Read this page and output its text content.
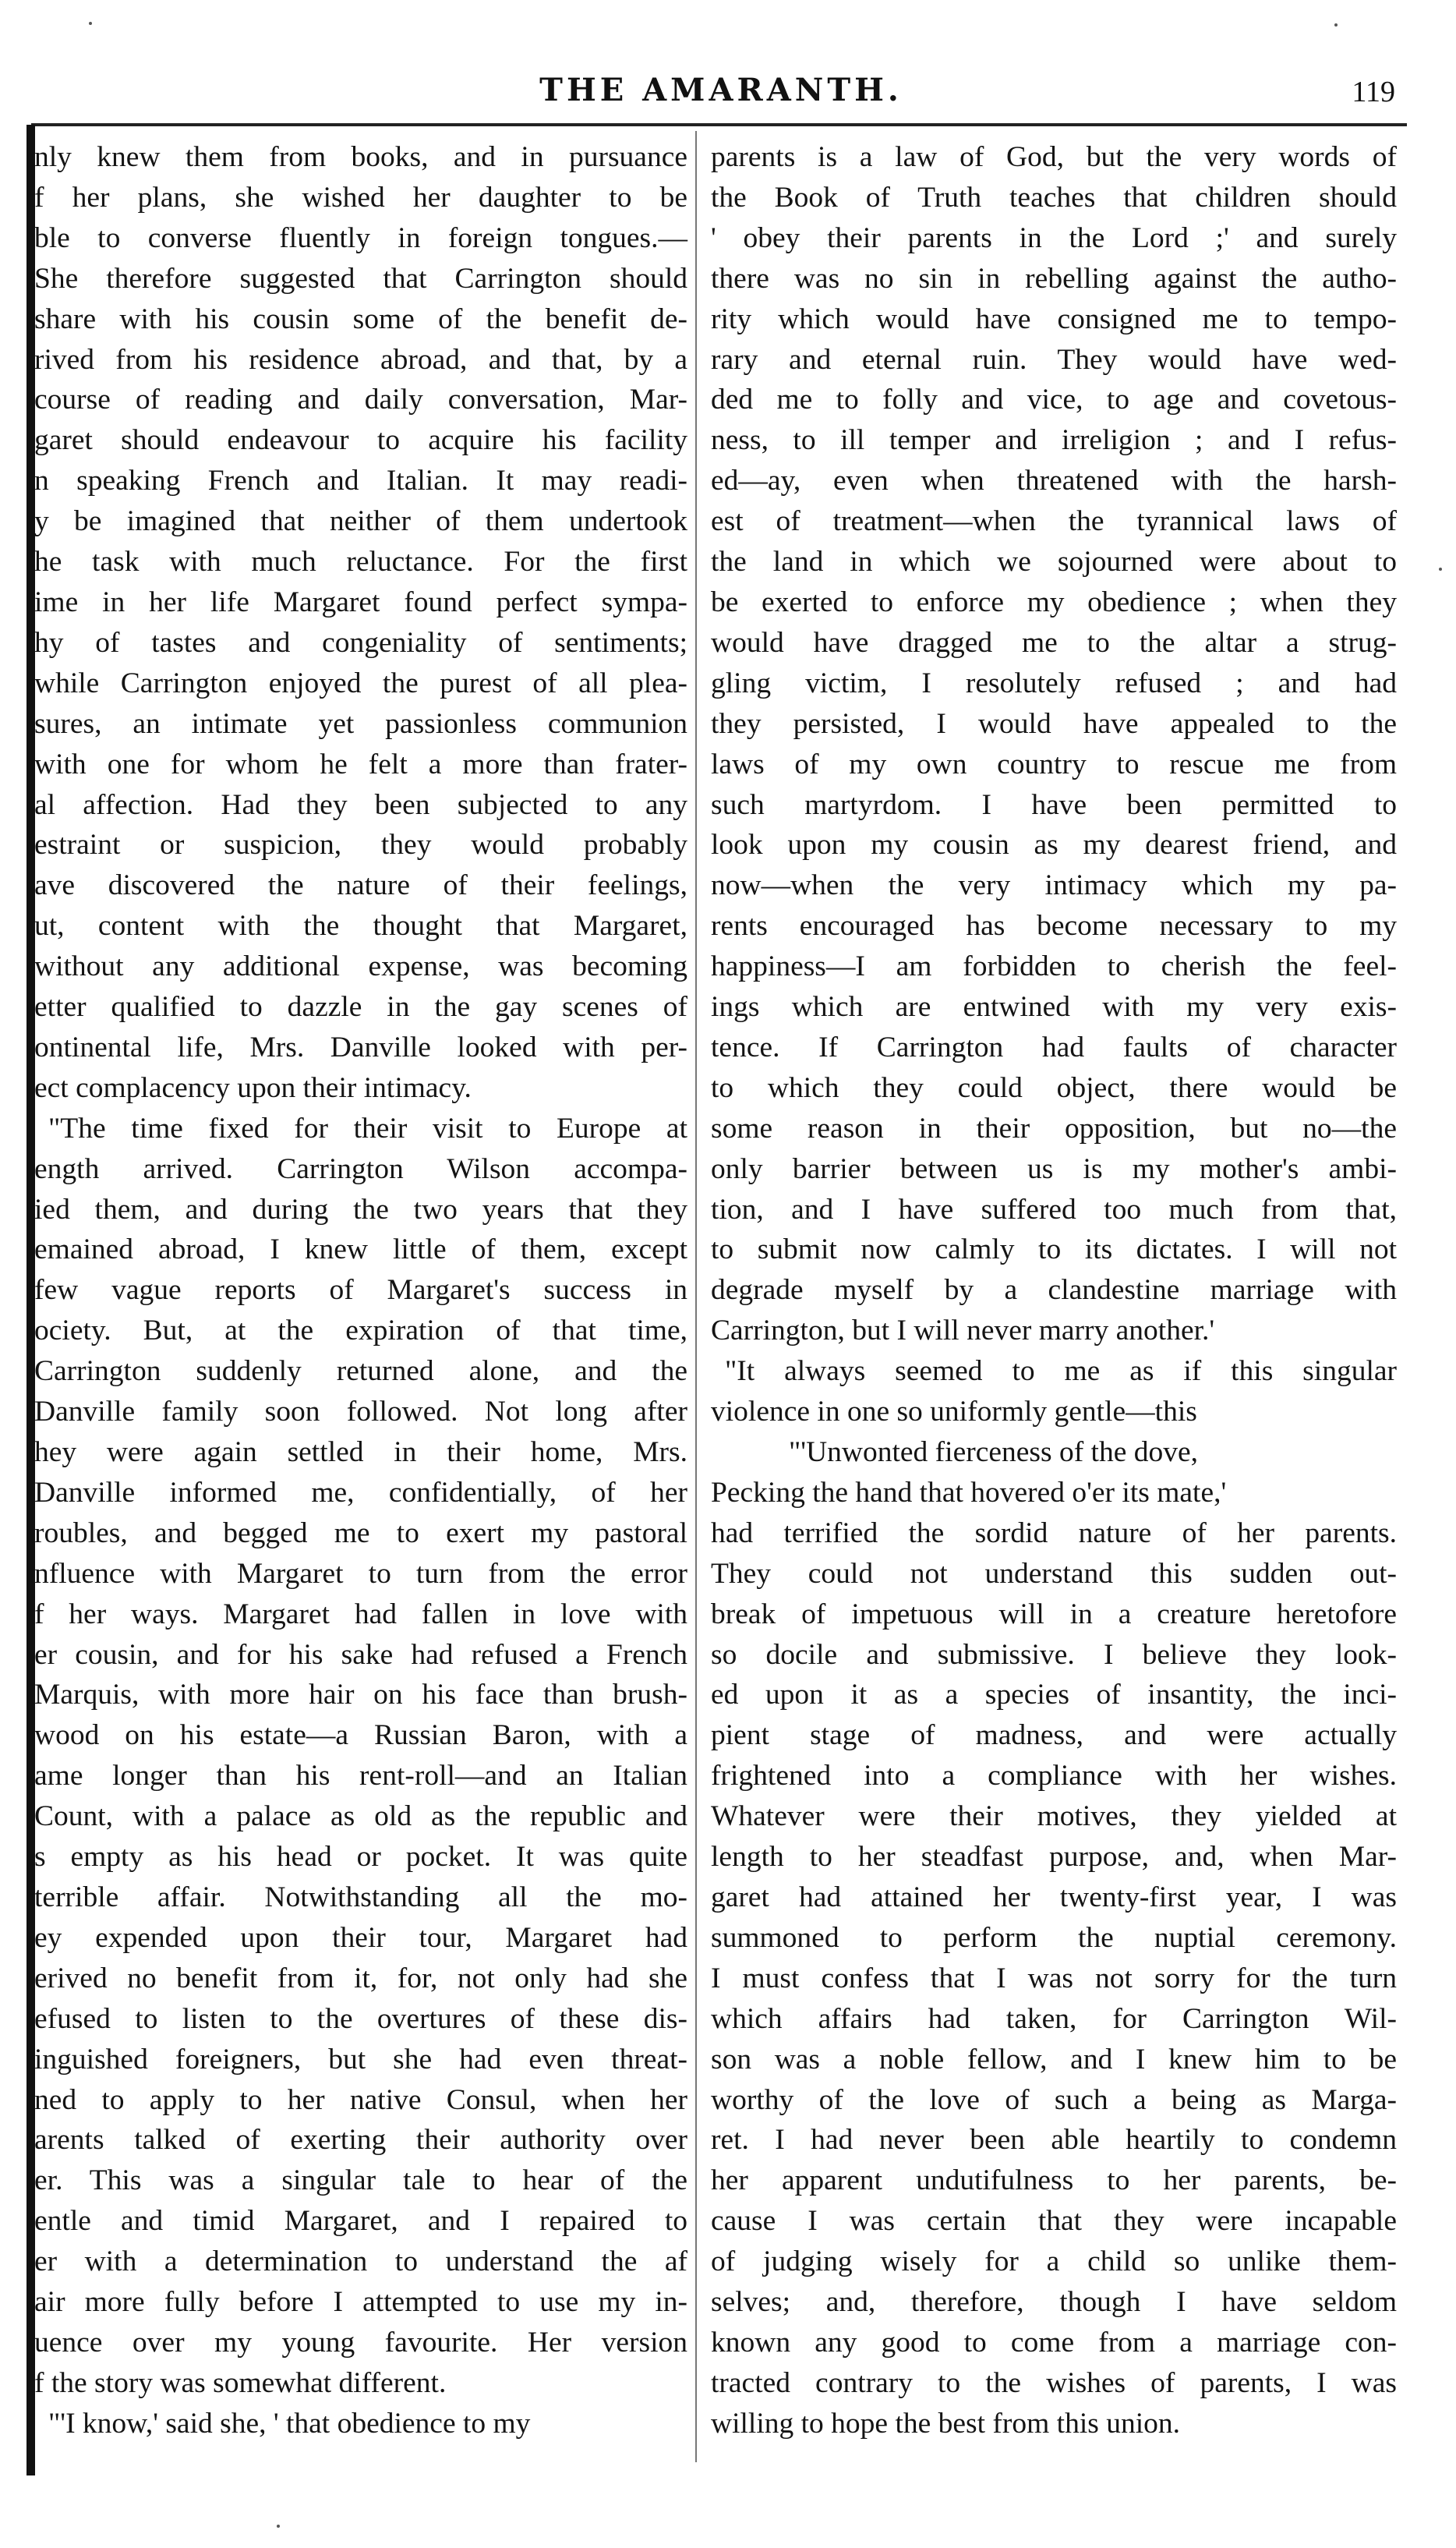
THE AMARANTH.	119
nly knew them from books, and in pursuance
f her plans, she wished her daughter to be
ble to converse fluently in foreign tongues.—
She therefore suggested that Carrington should
share with his cousin some of the benefit de-
rived from his residence abroad, and that, by a
course of reading and daily conversation, Mar-
garet should endeavour to acquire his facility
n speaking French and Italian. It may readi-
y be imagined that neither of them undertook
he task with much reluctance. For the first
ime in her life Margaret found perfect sympa-
hy of tastes and congeniality of sentiments;
while Carrington enjoyed the purest of all plea-
sures, an intimate yet passionless communion
with one for whom he felt a more than frater-
al affection. Had they been subjected to any
estraint or suspicion, they would probably
ave discovered the nature of their feelings,
ut, content with the thought that Margaret,
without any additional expense, was becoming
etter qualified to dazzle in the gay scenes of
ontinental life, Mrs. Danville looked with per-
ect complacency upon their intimacy.
"The time fixed for their visit to Europe at
ength arrived. Carrington Wilson accompa-
ied them, and during the two years that they
emained abroad, I knew little of them, except
few vague reports of Margaret's success in
ociety. But, at the expiration of that time,
Carrington suddenly returned alone, and the
Danville family soon followed. Not long after
hey were again settled in their home, Mrs.
Danville informed me, confidentially, of her
roubles, and begged me to exert my pastoral
nfluence with Margaret to turn from the error
f her ways. Margaret had fallen in love with
er cousin, and for his sake had refused a French
Marquis, with more hair on his face than brush-
wood on his estate—a Russian Baron, with a
ame longer than his rent-roll—and an Italian
Count, with a palace as old as the republic and
s empty as his head or pocket. It was quite
terrible affair. Notwithstanding all the mo-
ey expended upon their tour, Margaret had
erived no benefit from it, for, not only had she
efused to listen to the overtures of these dis-
inguished foreigners, but she had even threat-
ned to apply to her native Consul, when her
arents talked of exerting their authority over
er. This was a singular tale to hear of the
entle and timid Margaret, and I repaired to
er with a determination to understand the af
air more fully before I attempted to use my in-
uence over my young favourite. Her version
f the story was somewhat different.
"'I know,' said she, ' that obedience to my
parents is a law of God, but the very words of
the Book of Truth teaches that children should
' obey their parents in the Lord ;' and surely
there was no sin in rebelling against the autho-
rity which would have consigned me to tempo-
rary and eternal ruin. They would have wed-
ded me to folly and vice, to age and covetous-
ness, to ill temper and irreligion ; and I refus-
ed—ay, even when threatened with the harsh-
est of treatment—when the tyrannical laws of
the land in which we sojourned were about to
be exerted to enforce my obedience ; when they
would have dragged me to the altar a strug-
gling victim, I resolutely refused ; and had
they persisted, I would have appealed to the
laws of my own country to rescue me from
such martyrdom. I have been permitted to
look upon my cousin as my dearest friend, and
now—when the very intimacy which my pa-
rents encouraged has become necessary to my
happiness—I am forbidden to cherish the feel-
ings which are entwined with my very exis-
tence. If Carrington had faults of character
to which they could object, there would be
some reason in their opposition, but no—the
only barrier between us is my mother's ambi-
tion, and I have suffered too much from that,
to submit now calmly to its dictates. I will not
degrade myself by a clandestine marriage with
Carrington, but I will never marry another.'
"It always seemed to me as if this singular
violence in one so uniformly gentle—this
"'Unwonted fierceness of the dove,
Pecking the hand that hovered o'er its mate,'
had terrified the sordid nature of her parents.
They could not understand this sudden out-
break of impetuous will in a creature heretofore
so docile and submissive. I believe they look-
ed upon it as a species of insantity, the inci-
pient stage of madness, and were actually
frightened into a compliance with her wishes.
Whatever were their motives, they yielded at
length to her steadfast purpose, and, when Mar-
garet had attained her twenty-first year, I was
summoned to perform the nuptial ceremony.
I must confess that I was not sorry for the turn
which affairs had taken, for Carrington Wil-
son was a noble fellow, and I knew him to be
worthy of the love of such a being as Marga-
ret. I had never been able heartily to condemn
her apparent undutifulness to her parents, be-
cause I was certain that they were incapable
of judging wisely for a child so unlike them-
selves; and, therefore, though I have seldom
known any good to come from a marriage con-
tracted contrary to the wishes of parents, I was
willing to hope the best from this union.
